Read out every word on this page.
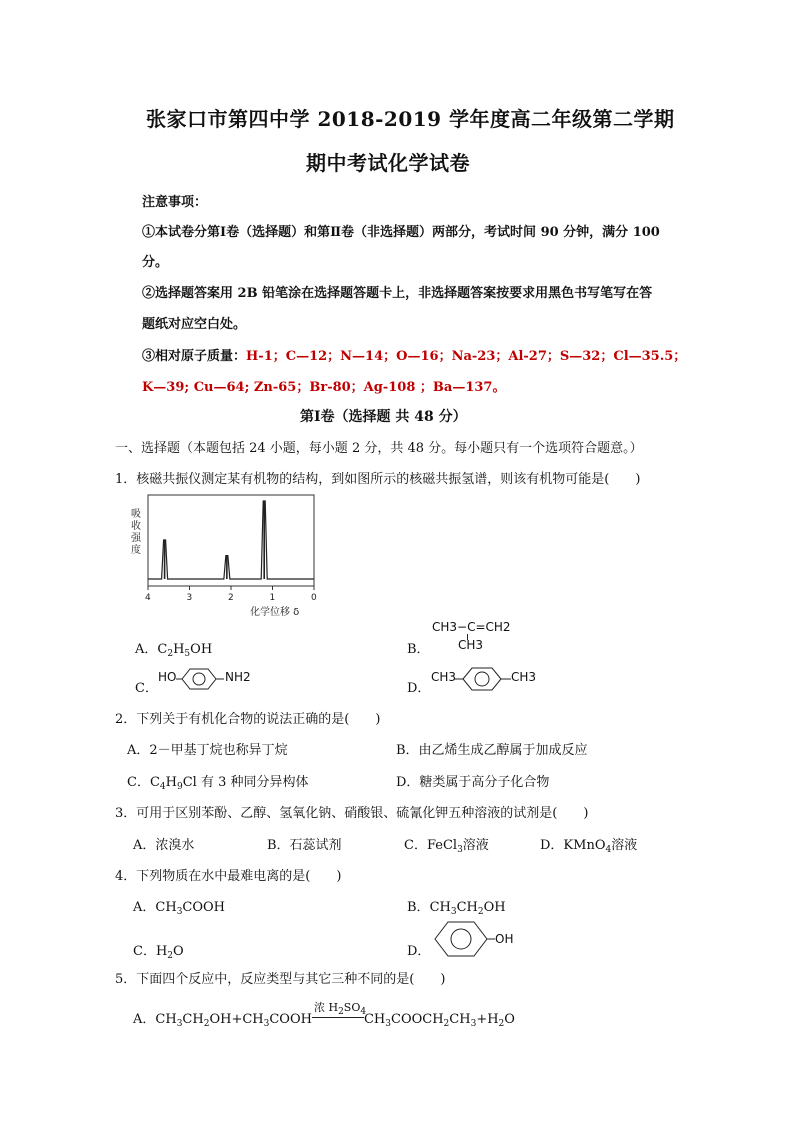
张家口市第四中学 2018-2019 学年度高二年级第二学期
期中考试化学试卷
注意事项：
①本试卷分第Ⅰ卷（选择题）和第Ⅱ卷（非选择题）两部分，考试时间 90 分钟，满分 100
分。
②选择题答案用 2B 铅笔涂在选择题答题卡上，非选择题答案按要求用黑色书写笔写在答
题纸对应空白处。
③相对原子质量：H-1；C—12；N—14；O—16；Na-23；Al-27；S—32；Cl—35.5；
K—39; Cu—64; Zn-65；Br-80；Ag-108 ；Ba—137。
第Ⅰ卷（选择题 共 48 分）
一、选择题（本题包括 24 小题，每小题 2 分，共 48 分。每小题只有一个选项符合题意。）
1．核磁共振仪测定某有机物的结构，到如图所示的核磁共振氢谱，则该有机物可能是(　　)
吸
收
强
度
4	3	2	1	0
化学位移 δ
A．$C_2H_5OH$	B．
CH3−C=CH2
CH3
C．
HO	NH2
D．
CH3	CH3
2．下列关于有机化合物的说法正确的是(　　)
A．2－甲基丁烷也称异丁烷	B．由乙烯生成乙醇属于加成反应
C．$C_4H_9Cl$ 有 3 种同分异构体	D．糖类属于高分子化合物
3．可用于区别苯酚、乙醇、氢氧化钠、硝酸银、硫氰化钾五种溶液的试剂是(　　)
A．浓溴水	B．石蕊试剂	C．FeCl$_3$溶液	D．KMnO$_4$溶液
4．下列物质在水中最难电离的是(　　)
A．$CH_3COOH$	B．$CH_3CH_2OH$
C．$H_2O$	D．
OH
5．下面四个反应中，反应类型与其它三种不同的是(　　)
A．$CH_3CH_2OH+CH_3COOH$
浓 $H_2SO_4$
$CH_3COOCH_2CH_3+H_2O$
